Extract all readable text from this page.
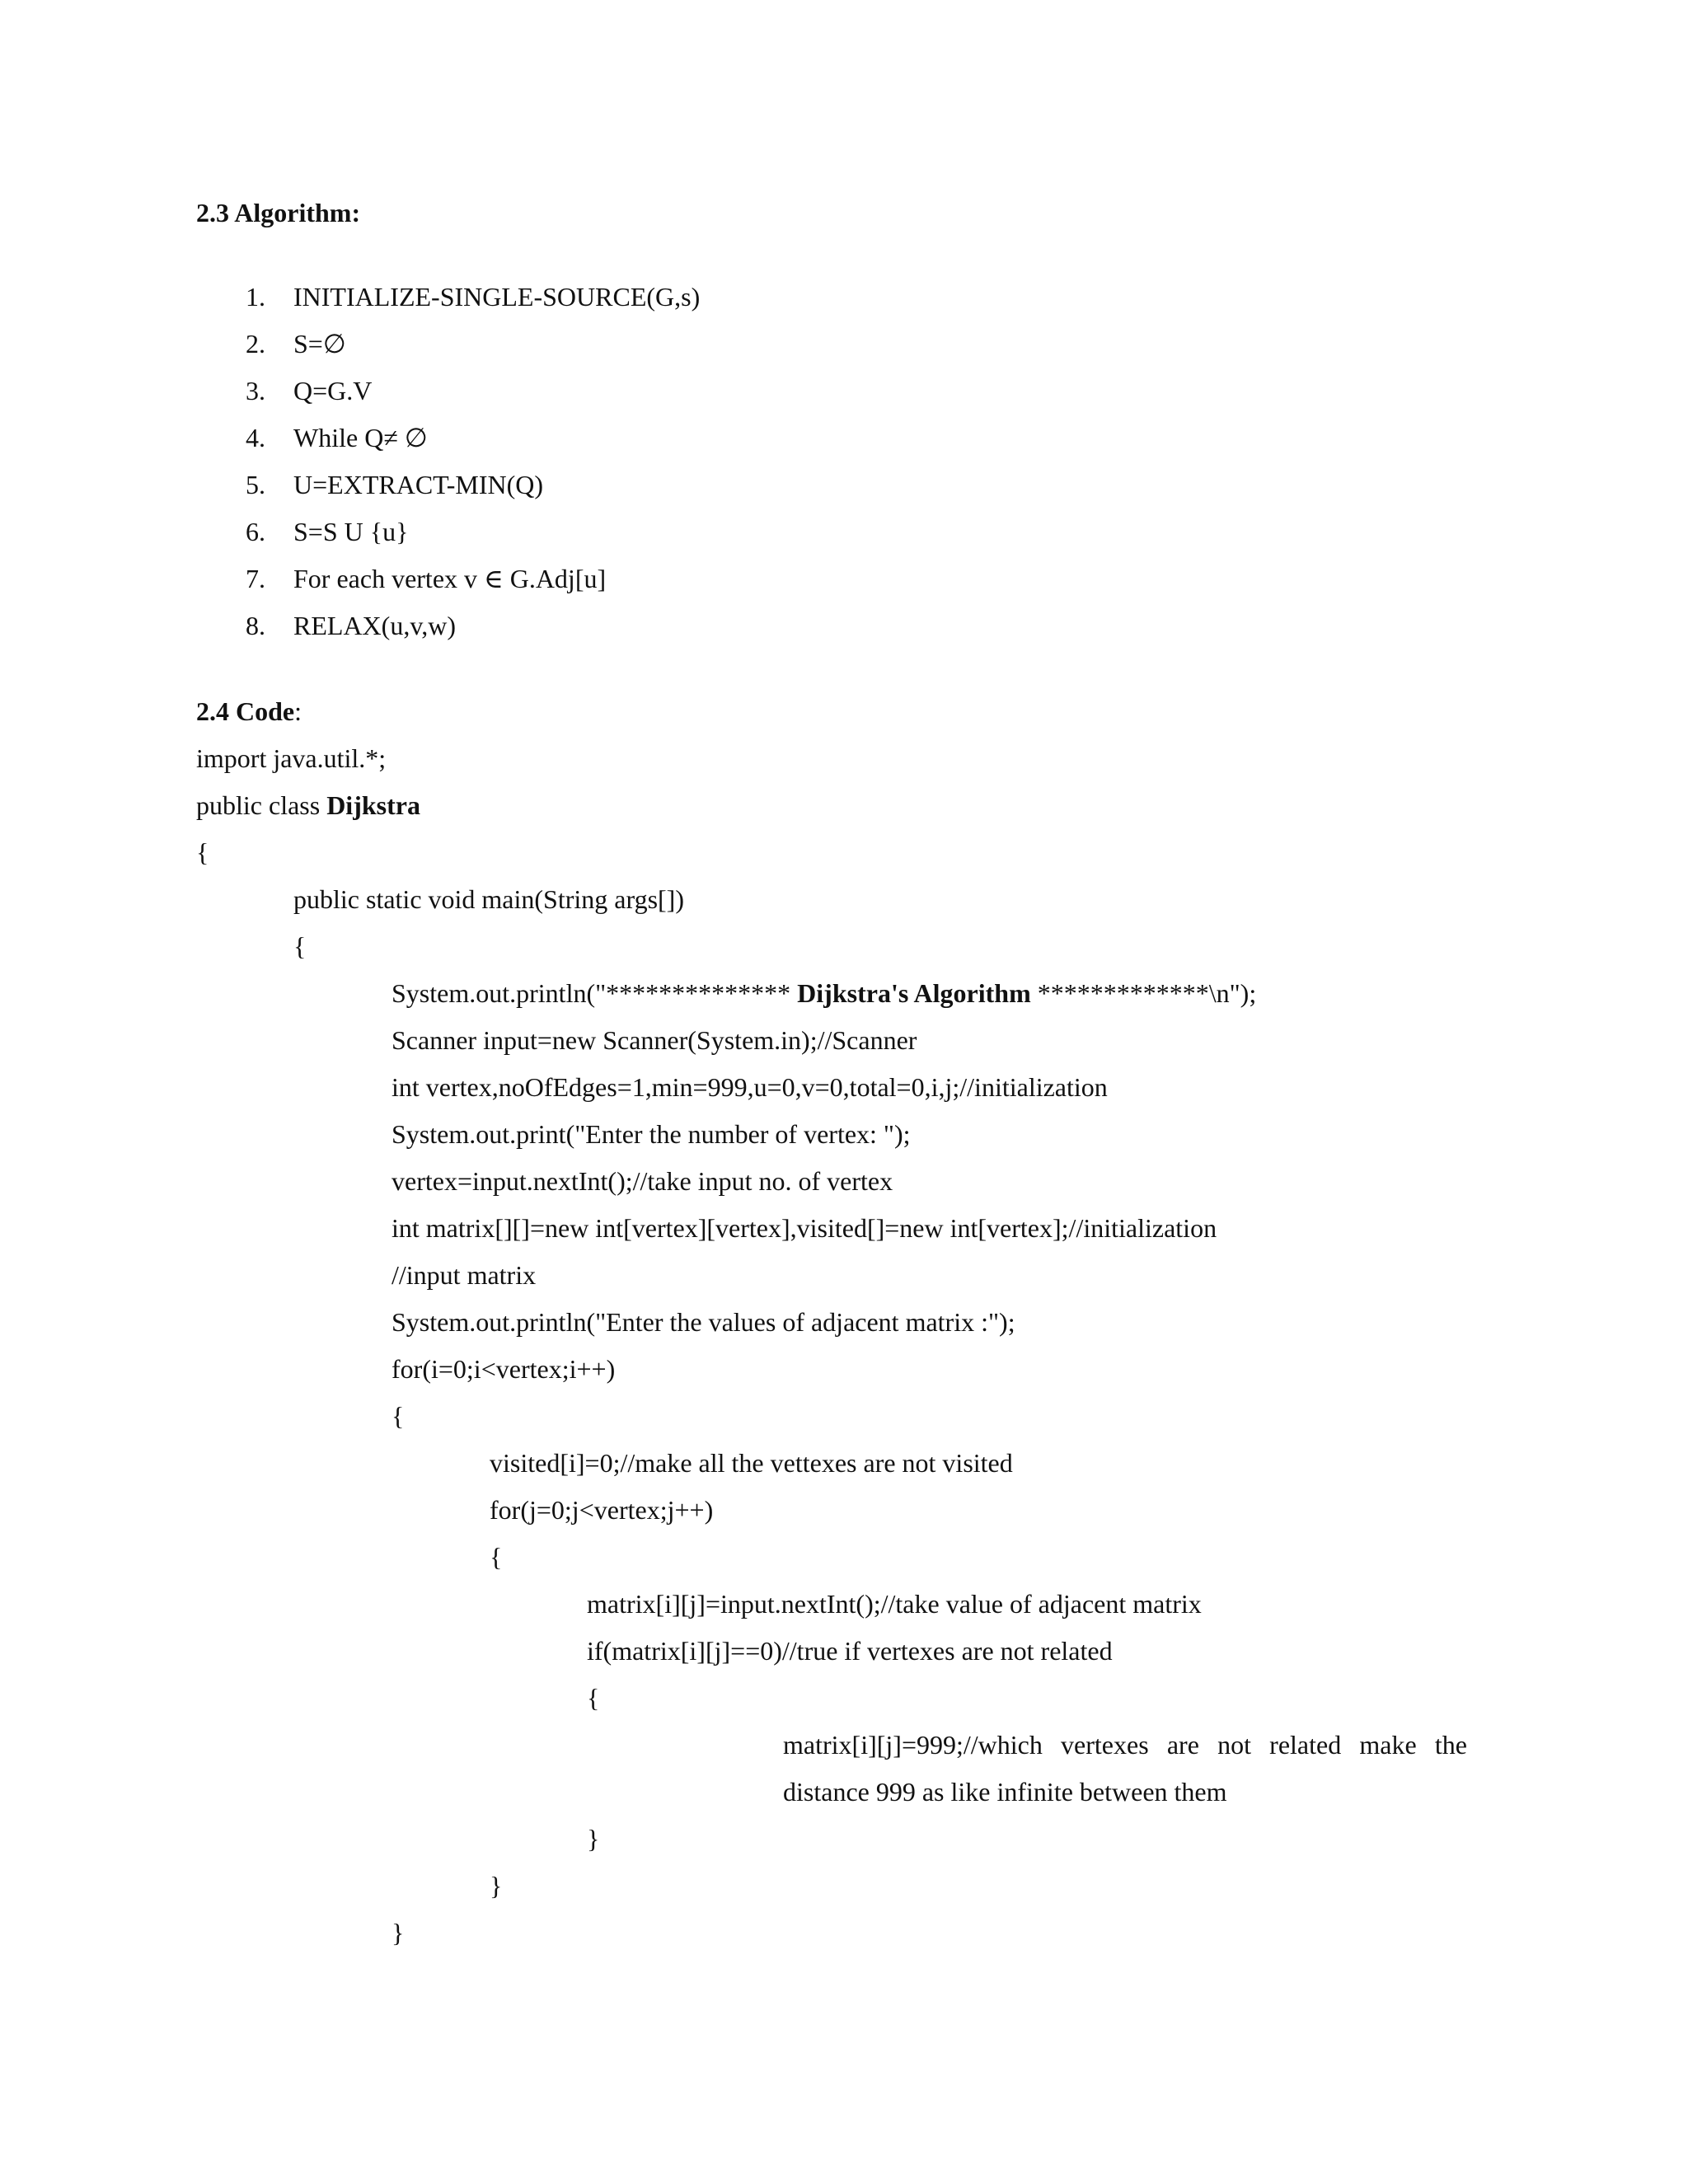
2.3 Algorithm:
1. INITIALIZE-SINGLE-SOURCE(G,s)
2. S=∅
3. Q=G.V
4. While Q≠ ∅
5. U=EXTRACT-MIN(Q)
6. S=S U {u}
7. For each vertex v ∈ G.Adj[u]
8. RELAX(u,v,w)
2.4 Code:
import java.util.*;
public class Dijkstra
{
public static void main(String args[])
{
System.out.println("************** Dijkstra's Algorithm *************\n");
Scanner input=new Scanner(System.in);//Scanner
int vertex,noOfEdges=1,min=999,u=0,v=0,total=0,i,j;//initialization
System.out.print("Enter the number of vertex: ");
vertex=input.nextInt();//take input no. of vertex
int matrix[][]=new int[vertex][vertex],visited[]=new int[vertex];//initialization
//input matrix
System.out.println("Enter the values of adjacent matrix :");
for(i=0;i<vertex;i++)
{
visited[i]=0;//make all the vettexes are not visited
for(j=0;j<vertex;j++)
{
matrix[i][j]=input.nextInt();//take value of adjacent matrix
if(matrix[i][j]==0)//true if vertexes are not related
{
matrix[i][j]=999;//which vertexes are not related make the
distance 999 as like infinite between them
}
}
}
